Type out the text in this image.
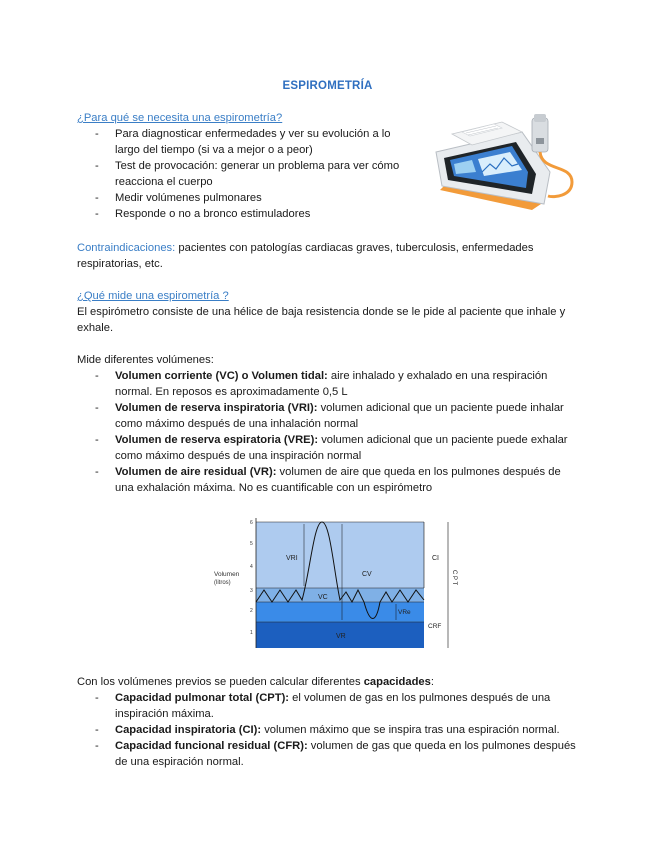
ESPIROMETRÍA
¿Para qué se necesita una espirometría?
- Para diagnosticar enfermedades y ver su evolución a lo
largo del tiempo (si va a mejor o a peor)
- Test de provocación: generar un problema para ver cómo
reacciona el cuerpo
- Medir volúmenes pulmonares
- Responde o no a bronco estimuladores
Contraindicaciones: pacientes con patologías cardiacas graves, tuberculosis, enfermedades
respiratorias, etc.
¿Qué mide una espirometría ?
El espirómetro consiste de una hélice de baja resistencia donde se le pide al paciente que inhale y
exhale.
Mide diferentes volúmenes:
- Volumen corriente (VC) o Volumen tidal: aire inhalado y exhalado en una respiración
normal. En reposos es aproximadamente 0,5 L
- Volumen de reserva inspiratoria (VRI): volumen adicional que un paciente puede inhalar
como máximo después de una inhalación normal
- Volumen de reserva espiratoria (VRE): volumen adicional que un paciente puede exhalar
como máximo después de una inspiración normal
- Volumen de aire residual (VR): volumen de aire que queda en los pulmones después de
una exhalación máxima. No es cuantificable con un espirómetro
6
5
4
3
2
1
Volumen
(litros)
VRI
CV
VC
VRe
VR
CI
C P T
CRF
Con los volúmenes previos se pueden calcular diferentes capacidades:
- Capacidad pulmonar total (CPT): el volumen de gas en los pulmones después de una
inspiración máxima.
- Capacidad inspiratoria (CI): volumen máximo que se inspira tras una espiración normal.
- Capacidad funcional residual (CFR): volumen de gas que queda en los pulmones después
de una espiración normal.
